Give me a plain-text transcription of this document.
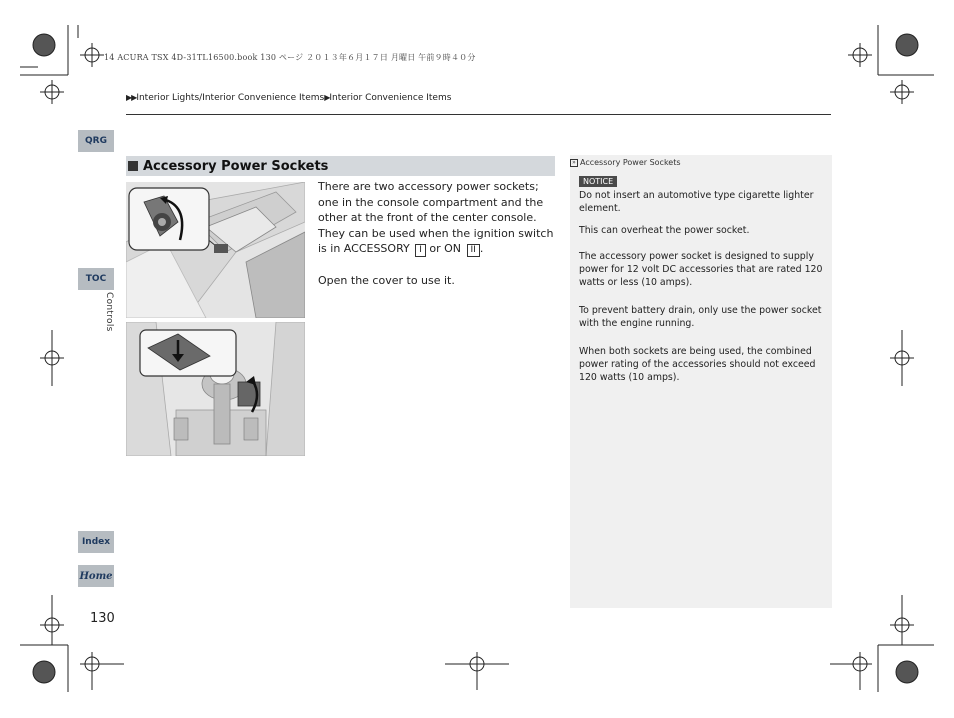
14 ACURA TSX 4D-31TL16500.book 130 ページ ２０１３年６月１７日 月曜日 午前９時４０分
▶▶Interior Lights/Interior Convenience Items▶Interior Convenience Items
QRG
TOC
Controls
Index
Home
130
Accessory Power Sockets

There are two accessory power sockets; one in the console compartment and the other at the front of the center console. They can be used when the ignition switch is in ACCESSORY I or ON II .

Open the cover to use it.

» Accessory Power Sockets
NOTICE
Do not insert an automotive type cigarette lighter element.
This can overheat the power socket.
The accessory power socket is designed to supply power for 12 volt DC accessories that are rated 120 watts or less (10 amps).
To prevent battery drain, only use the power socket with the engine running.
When both sockets are being used, the combined power rating of the accessories should not exceed 120 watts (10 amps).
